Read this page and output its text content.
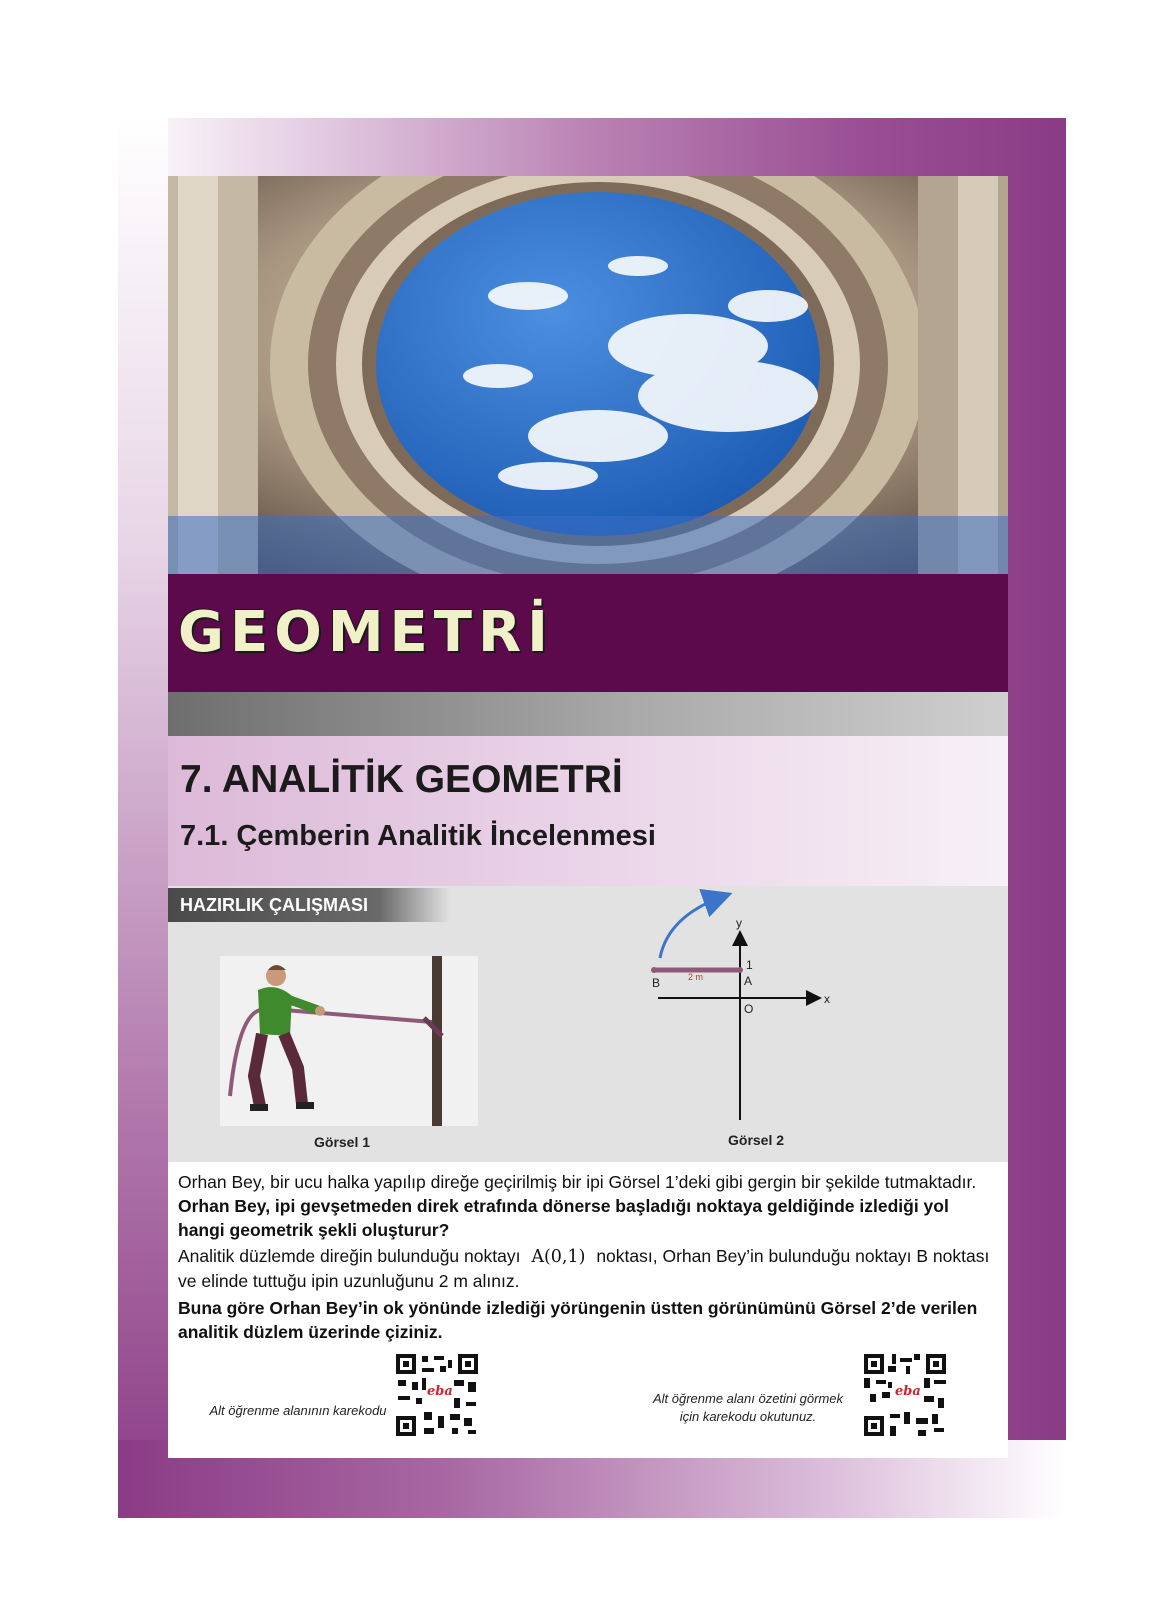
GEOMETRİ
7. ANALİTİK GEOMETRİ
7.1. Çemberin Analitik İncelenmesi
HAZIRLIK ÇALIŞMASI
Görsel 1
y
x
1
A
B
O
2 m
Görsel 2
Orhan Bey, bir ucu halka yapılıp direğe geçirilmiş bir ipi Görsel 1’deki gibi gergin bir şekilde tutmaktadır.
Orhan Bey, ipi gevşetmeden direk etrafında dönerse başladığı noktaya geldiğinde izlediği yol hangi geometrik şekli oluşturur?
Analitik düzlemde direğin bulunduğu noktayı A(0,1) noktası, Orhan Bey’in bulunduğu noktayı B noktası ve elinde tuttuğu ipin uzunluğunu 2 m alınız.
Buna göre Orhan Bey’in ok yönünde izlediği yörüngenin üstten görünümünü Görsel 2’de verilen analitik düzlem üzerinde çiziniz.
Alt öğrenme alanının karekodu
eba	Alt öğrenme alanı özetini görmek
için karekodu okutunuz.
eba
